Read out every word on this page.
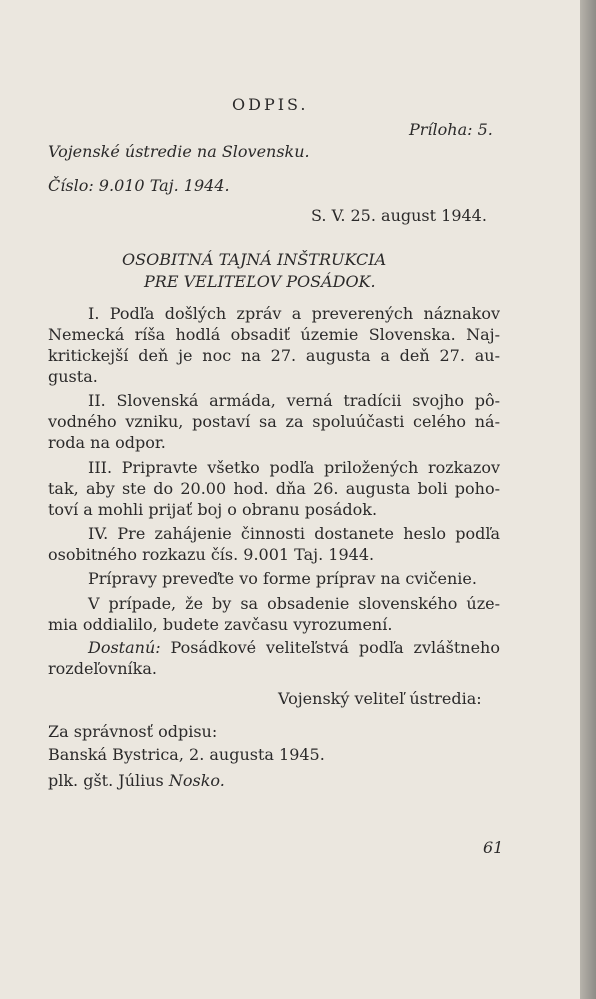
ODPIS.
Príloha: 5.
Vojenské ústredie na Slovensku.
Číslo: 9.010 Taj. 1944.
S. V. 25. august 1944.
OSOBITNÁ TAJNÁ INŠTRUKCIA
PRE VELITEĽOV POSÁDOK.
I. Podľa došlých zpráv a preverených náznakov
Nemecká ríša hodlá obsadiť územie Slovenska. Naj-
kritickejší deň je noc na 27. augusta a deň 27. au-
gusta.
II. Slovenská armáda, verná tradícii svojho pô-
vodného vzniku, postaví sa za spoluúčasti celého ná-
roda na odpor.
III. Pripravte všetko podľa priložených rozkazov
tak, aby ste do 20.00 hod. dňa 26. augusta boli poho-
toví a mohli prijať boj o obranu posádok.
IV. Pre zahájenie činnosti dostanete heslo podľa
osobitného rozkazu čís. 9.001 Taj. 1944.
Prípravy preveďte vo forme príprav na cvičenie.
V prípade, že by sa obsadenie slovenského úze-
mia oddialilo, budete zavčasu vyrozumení.
Dostanú: Posádkové veliteľstvá podľa zvláštneho
rozdeľovníka.
Vojenský veliteľ ústredia:
Za správnosť odpisu:
Banská Bystrica, 2. augusta 1945.
plk. gšt. Július Nosko.
61
